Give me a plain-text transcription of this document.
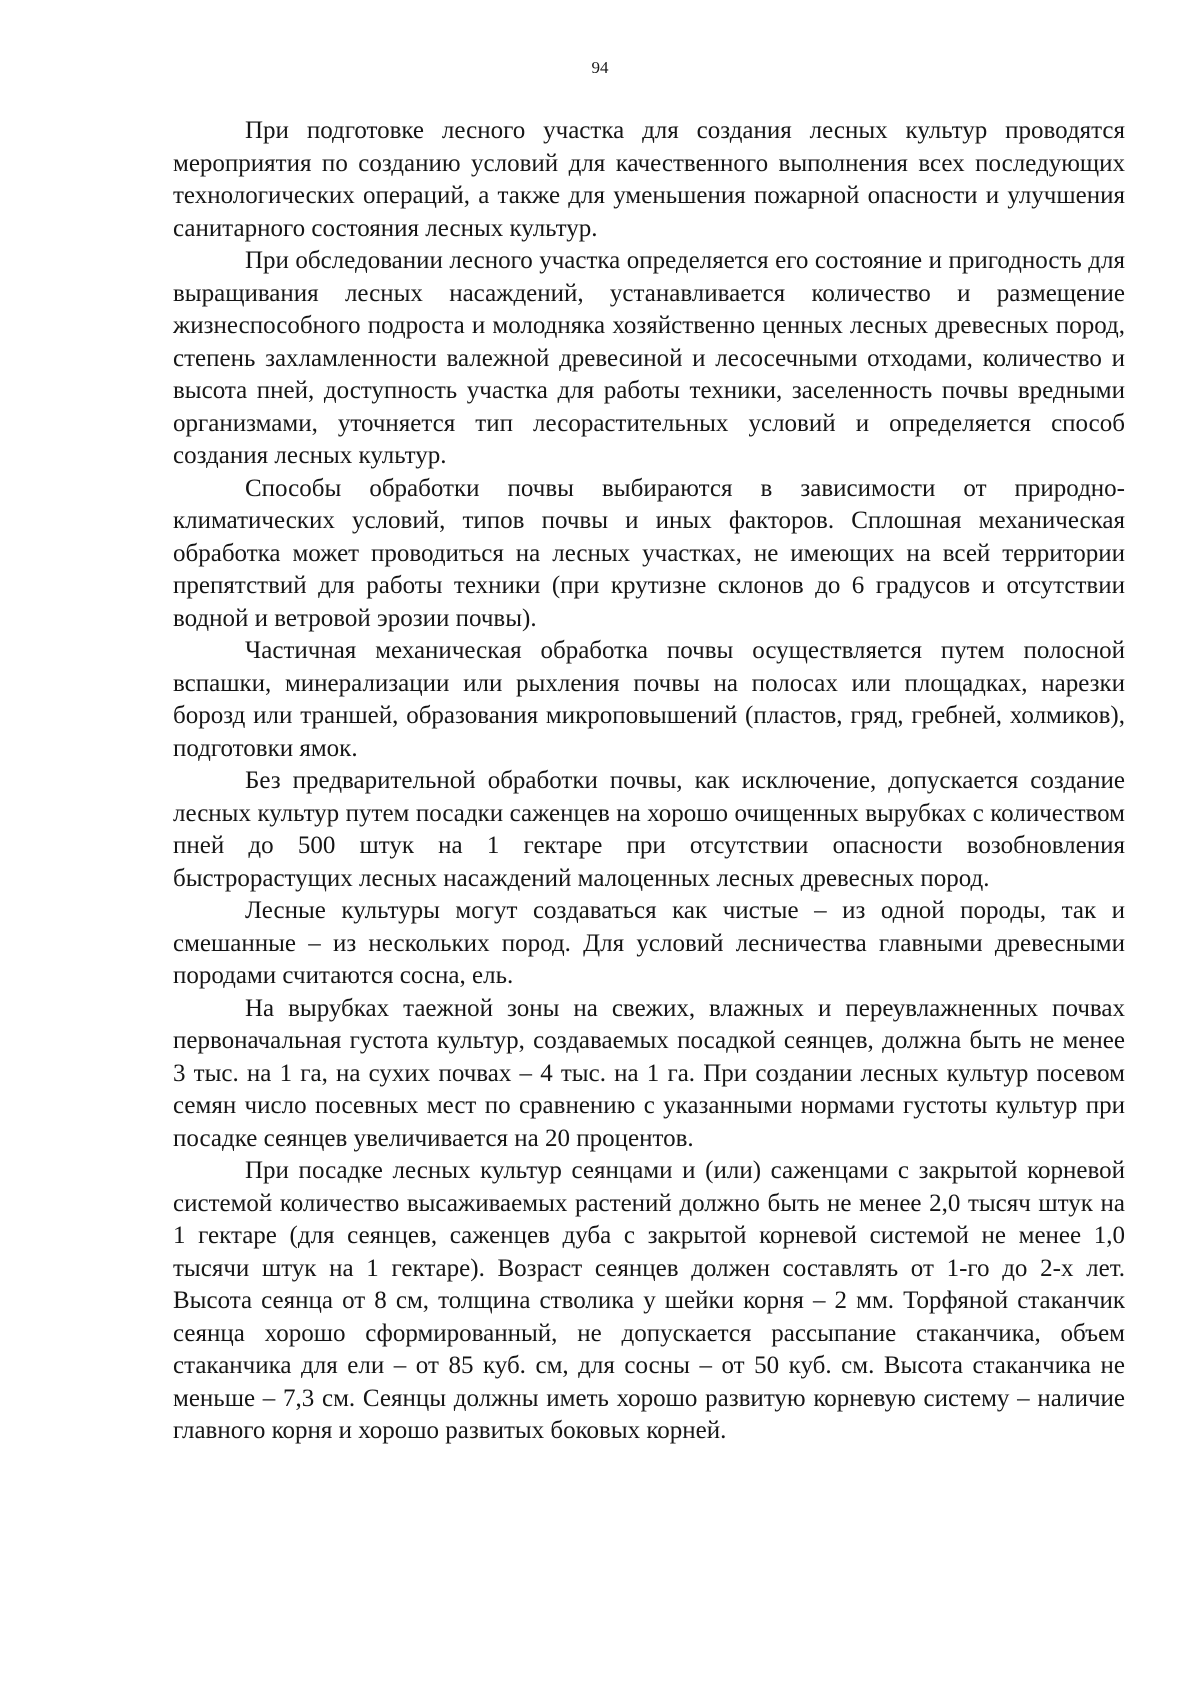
94

При подготовке лесного участка для создания лесных культур проводятся мероприятия по созданию условий для качественного выполнения всех последующих технологических операций, а также для уменьшения пожарной опасности и улучшения санитарного состояния лесных культур.

При обследовании лесного участка определяется его состояние и пригодность для выращивания лесных насаждений, устанавливается количество и размещение жизнеспособного подроста и молодняка хозяйственно ценных лесных древесных пород, степень захламленности валежной древесиной и лесосечными отходами, количество и высота пней, доступность участка для работы техники, заселенность почвы вредными организмами, уточняется тип лесорастительных условий и определяется способ создания лесных культур.

Способы обработки почвы выбираются в зависимости от природно-климатических условий, типов почвы и иных факторов. Сплошная механическая обработка может проводиться на лесных участках, не имеющих на всей территории препятствий для работы техники (при крутизне склонов до 6 градусов и отсутствии водной и ветровой эрозии почвы).

Частичная механическая обработка почвы осуществляется путем полосной вспашки, минерализации или рыхления почвы на полосах или площадках, нарезки борозд или траншей, образования микроповышений (пластов, гряд, гребней, холмиков), подготовки ямок.

Без предварительной обработки почвы, как исключение, допускается создание лесных культур путем посадки саженцев на хорошо очищенных вырубках с количеством пней до 500 штук на 1 гектаре при отсутствии опасности возобновления быстрорастущих лесных насаждений малоценных лесных древесных пород.

Лесные культуры могут создаваться как чистые – из одной породы, так и смешанные – из нескольких пород. Для условий лесничества главными древесными породами считаются сосна, ель.

На вырубках таежной зоны на свежих, влажных и переувлажненных почвах первоначальная густота культур, создаваемых посадкой сеянцев, должна быть не менее 3 тыс. на 1 га, на сухих почвах – 4 тыс. на 1 га. При создании лесных культур посевом семян число посевных мест по сравнению с указанными нормами густоты культур при посадке сеянцев увеличивается на 20 процентов.

При посадке лесных культур сеянцами и (или) саженцами с закрытой корневой системой количество высаживаемых растений должно быть не менее 2,0 тысяч штук на 1 гектаре (для сеянцев, саженцев дуба с закрытой корневой системой не менее 1,0 тысячи штук на 1 гектаре). Возраст сеянцев должен составлять от 1-го до 2-х лет. Высота сеянца от 8 см, толщина стволика у шейки корня – 2 мм. Торфяной стаканчик сеянца хорошо сформированный, не допускается рассыпание стаканчика, объем стаканчика для ели – от 85 куб. см, для сосны – от 50 куб. см. Высота стаканчика не меньше – 7,3 см. Сеянцы должны иметь хорошо развитую корневую систему – наличие главного корня и хорошо развитых боковых корней.
